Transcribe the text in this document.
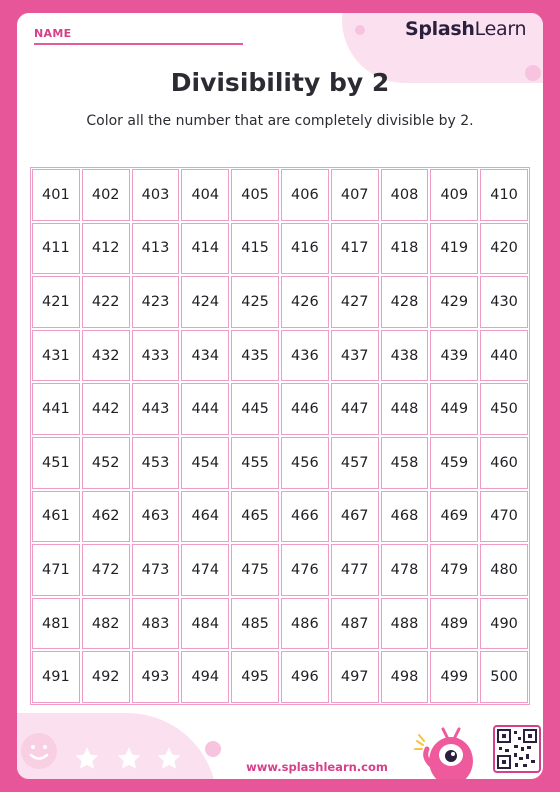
NAME	SplashLearn
Divisibility by 2
Color all the number that are completely divisible by 2.
401	402	403	404	405	406	407	408	409	410
411	412	413	414	415	416	417	418	419	420
421	422	423	424	425	426	427	428	429	430
431	432	433	434	435	436	437	438	439	440
441	442	443	444	445	446	447	448	449	450
451	452	453	454	455	456	457	458	459	460
461	462	463	464	465	466	467	468	469	470
471	472	473	474	475	476	477	478	479	480
481	482	483	484	485	486	487	488	489	490
491	492	493	494	495	496	497	498	499	500
www.splashlearn.com
